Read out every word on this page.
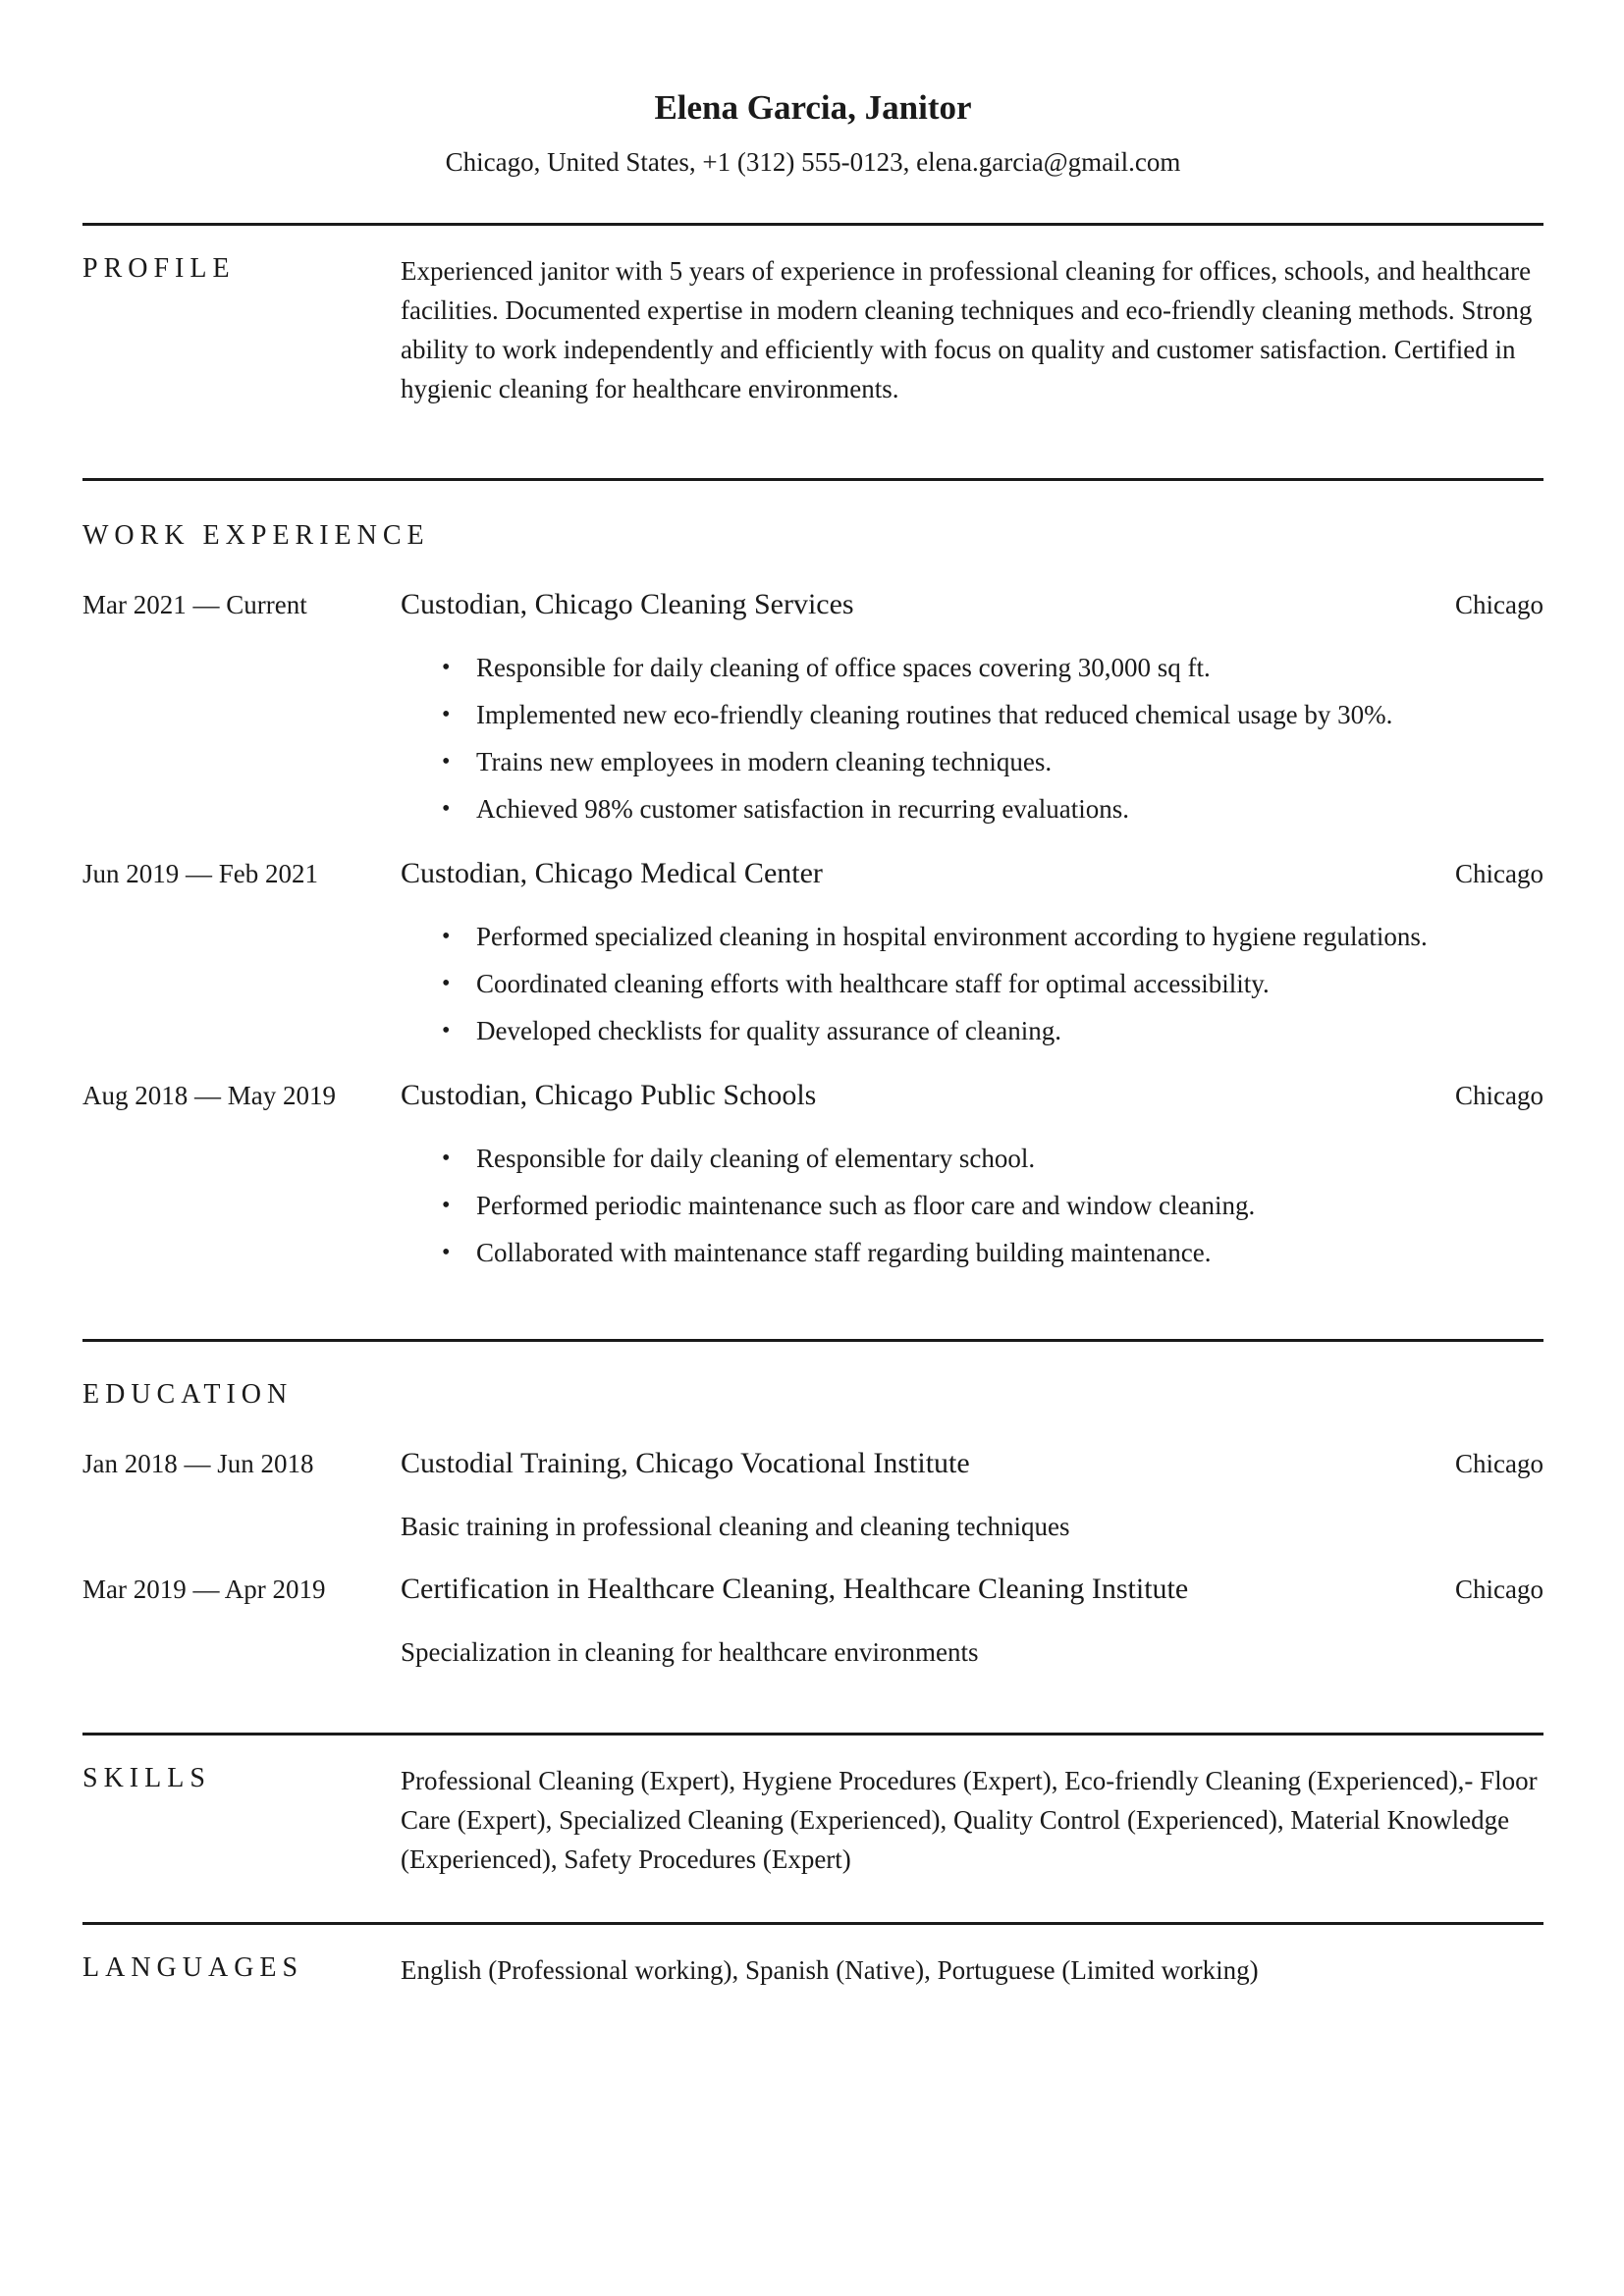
Elena Garcia, Janitor
Chicago, United States, +1 (312) 555-0123, elena.garcia@gmail.com
PROFILE	Experienced janitor with 5 years of experience in professional cleaning for offices, schools, and healthcare facilities. Documented expertise in modern cleaning techniques and eco-friendly cleaning methods. Strong ability to work independently and efficiently with focus on quality and customer satisfaction. Certified in hygienic cleaning for healthcare environments.

WORK EXPERIENCE
Mar 2021 — Current	Custodian, Chicago Cleaning Services	Chicago
• Responsible for daily cleaning of office spaces covering 30,000 sq ft.
• Implemented new eco-friendly cleaning routines that reduced chemical usage by 30%.
• Trains new employees in modern cleaning techniques.
• Achieved 98% customer satisfaction in recurring evaluations.
Jun 2019 — Feb 2021	Custodian, Chicago Medical Center	Chicago
• Performed specialized cleaning in hospital environment according to hygiene regulations.
• Coordinated cleaning efforts with healthcare staff for optimal accessibility.
• Developed checklists for quality assurance of cleaning.
Aug 2018 — May 2019	Custodian, Chicago Public Schools	Chicago
• Responsible for daily cleaning of elementary school.
• Performed periodic maintenance such as floor care and window cleaning.
• Collaborated with maintenance staff regarding building maintenance.
EDUCATION
Jan 2018 — Jun 2018	Custodial Training, Chicago Vocational Institute	Chicago
Basic training in professional cleaning and cleaning techniques
Mar 2019 — Apr 2019	Certification in Healthcare Cleaning, Healthcare Cleaning Institute	Chicago
Specialization in cleaning for healthcare environments
SKILLS	Professional Cleaning (Expert), Hygiene Procedures (Expert), Eco-friendly Cleaning (Experienced),- Floor Care (Expert), Specialized Cleaning (Experienced), Quality Control (Experienced), Material Knowledge (Experienced), Safety Procedures (Expert)

LANGUAGES	English (Professional working), Spanish (Native), Portuguese (Limited working)
